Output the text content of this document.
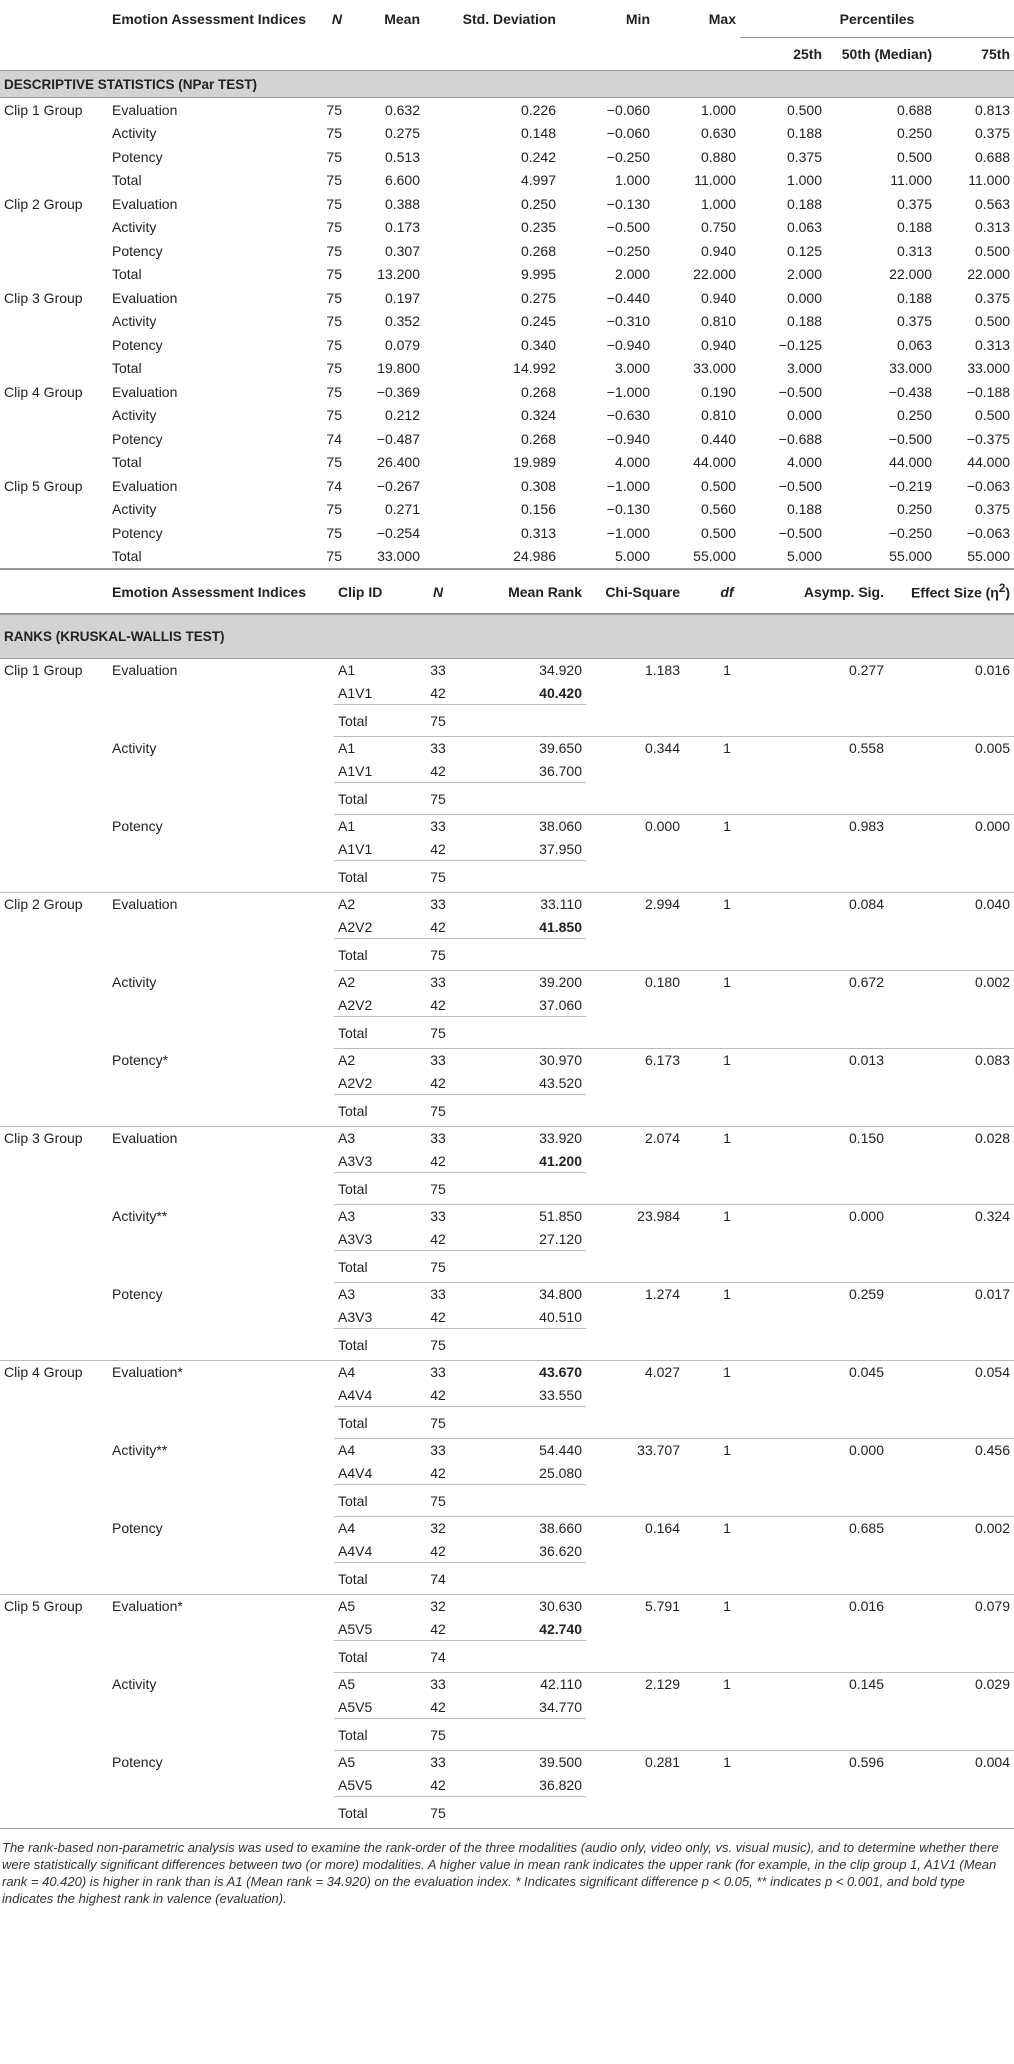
	Emotion Assessment Indices	N	Mean	Std. Deviation	Min	Max	Percentiles		
							25th	50th (Median)	75th
DESCRIPTIVE STATISTICS (NPar TEST)									
Clip 1 Group	Evaluation	75	0.632	0.226	−0.060	1.000	0.500	0.688	0.813
	Activity	75	0.275	0.148	−0.060	0.630	0.188	0.250	0.375
	Potency	75	0.513	0.242	−0.250	0.880	0.375	0.500	0.688
	Total	75	6.600	4.997	1.000	11.000	1.000	11.000	11.000
Clip 2 Group	Evaluation	75	0.388	0.250	−0.130	1.000	0.188	0.375	0.563
	Activity	75	0.173	0.235	−0.500	0.750	0.063	0.188	0.313
	Potency	75	0.307	0.268	−0.250	0.940	0.125	0.313	0.500
	Total	75	13.200	9.995	2.000	22.000	2.000	22.000	22.000
Clip 3 Group	Evaluation	75	0.197	0.275	−0.440	0.940	0.000	0.188	0.375
	Activity	75	0.352	0.245	−0.310	0.810	0.188	0.375	0.500
	Potency	75	0.079	0.340	−0.940	0.940	−0.125	0.063	0.313
	Total	75	19.800	14.992	3.000	33.000	3.000	33.000	33.000
Clip 4 Group	Evaluation	75	−0.369	0.268	−1.000	0.190	−0.500	−0.438	−0.188
	Activity	75	0.212	0.324	−0.630	0.810	0.000	0.250	0.500
	Potency	74	−0.487	0.268	−0.940	0.440	−0.688	−0.500	−0.375
	Total	75	26.400	19.989	4.000	44.000	4.000	44.000	44.000
Clip 5 Group	Evaluation	74	−0.267	0.308	−1.000	0.500	−0.500	−0.219	−0.063
	Activity	75	0.271	0.156	−0.130	0.560	0.188	0.250	0.375
	Potency	75	−0.254	0.313	−1.000	0.500	−0.500	−0.250	−0.063
	Total	75	33.000	24.986	5.000	55.000	5.000	55.000	55.000
	Emotion Assessment Indices	Clip ID	N	Mean Rank	Chi-Square	df	Asymp. Sig.	Effect Size $(\eta^2)$
RANKS (KRUSKAL-WALLIS TEST)								
Clip 1 Group	Evaluation	A1	33	34.920	1.183	1	0.277	0.016
		A1V1	42	40.420				
		Total	75					
	Activity	A1	33	39.650	0.344	1	0.558	0.005
		A1V1	42	36.700				
		Total	75					
	Potency	A1	33	38.060	0.000	1	0.983	0.000
		A1V1	42	37.950				
		Total	75					
Clip 2 Group	Evaluation	A2	33	33.110	2.994	1	0.084	0.040
		A2V2	42	41.850				
		Total	75					
	Activity	A2	33	39.200	0.180	1	0.672	0.002
		A2V2	42	37.060				
		Total	75					
	Potency*	A2	33	30.970	6.173	1	0.013	0.083
		A2V2	42	43.520				
		Total	75					
Clip 3 Group	Evaluation	A3	33	33.920	2.074	1	0.150	0.028
		A3V3	42	41.200				
		Total	75					
	Activity**	A3	33	51.850	23.984	1	0.000	0.324
		A3V3	42	27.120				
		Total	75					
	Potency	A3	33	34.800	1.274	1	0.259	0.017
		A3V3	42	40.510				
		Total	75					
Clip 4 Group	Evaluation*	A4	33	43.670	4.027	1	0.045	0.054
		A4V4	42	33.550				
		Total	75					
	Activity**	A4	33	54.440	33.707	1	0.000	0.456
		A4V4	42	25.080				
		Total	75					
	Potency	A4	32	38.660	0.164	1	0.685	0.002
		A4V4	42	36.620				
		Total	74					
Clip 5 Group	Evaluation*	A5	32	30.630	5.791	1	0.016	0.079
		A5V5	42	42.740				
		Total	74					
	Activity	A5	33	42.110	2.129	1	0.145	0.029
		A5V5	42	34.770				
		Total	75					
	Potency	A5	33	39.500	0.281	1	0.596	0.004
		A5V5	42	36.820				
		Total	75					
The rank-based non-parametric analysis was used to examine the rank-order of the three modalities (audio only, video only, vs. visual music), and to determine whether there were statistically significant differences between two (or more) modalities. A higher value in mean rank indicates the upper rank (for example, in the clip group 1, A1V1 (Mean rank = 40.420) is higher in rank than is A1 (Mean rank = 34.920) on the evaluation index. * Indicates significant difference p < 0.05, ** indicates p < 0.001, and bold type indicates the highest rank in valence (evaluation).
